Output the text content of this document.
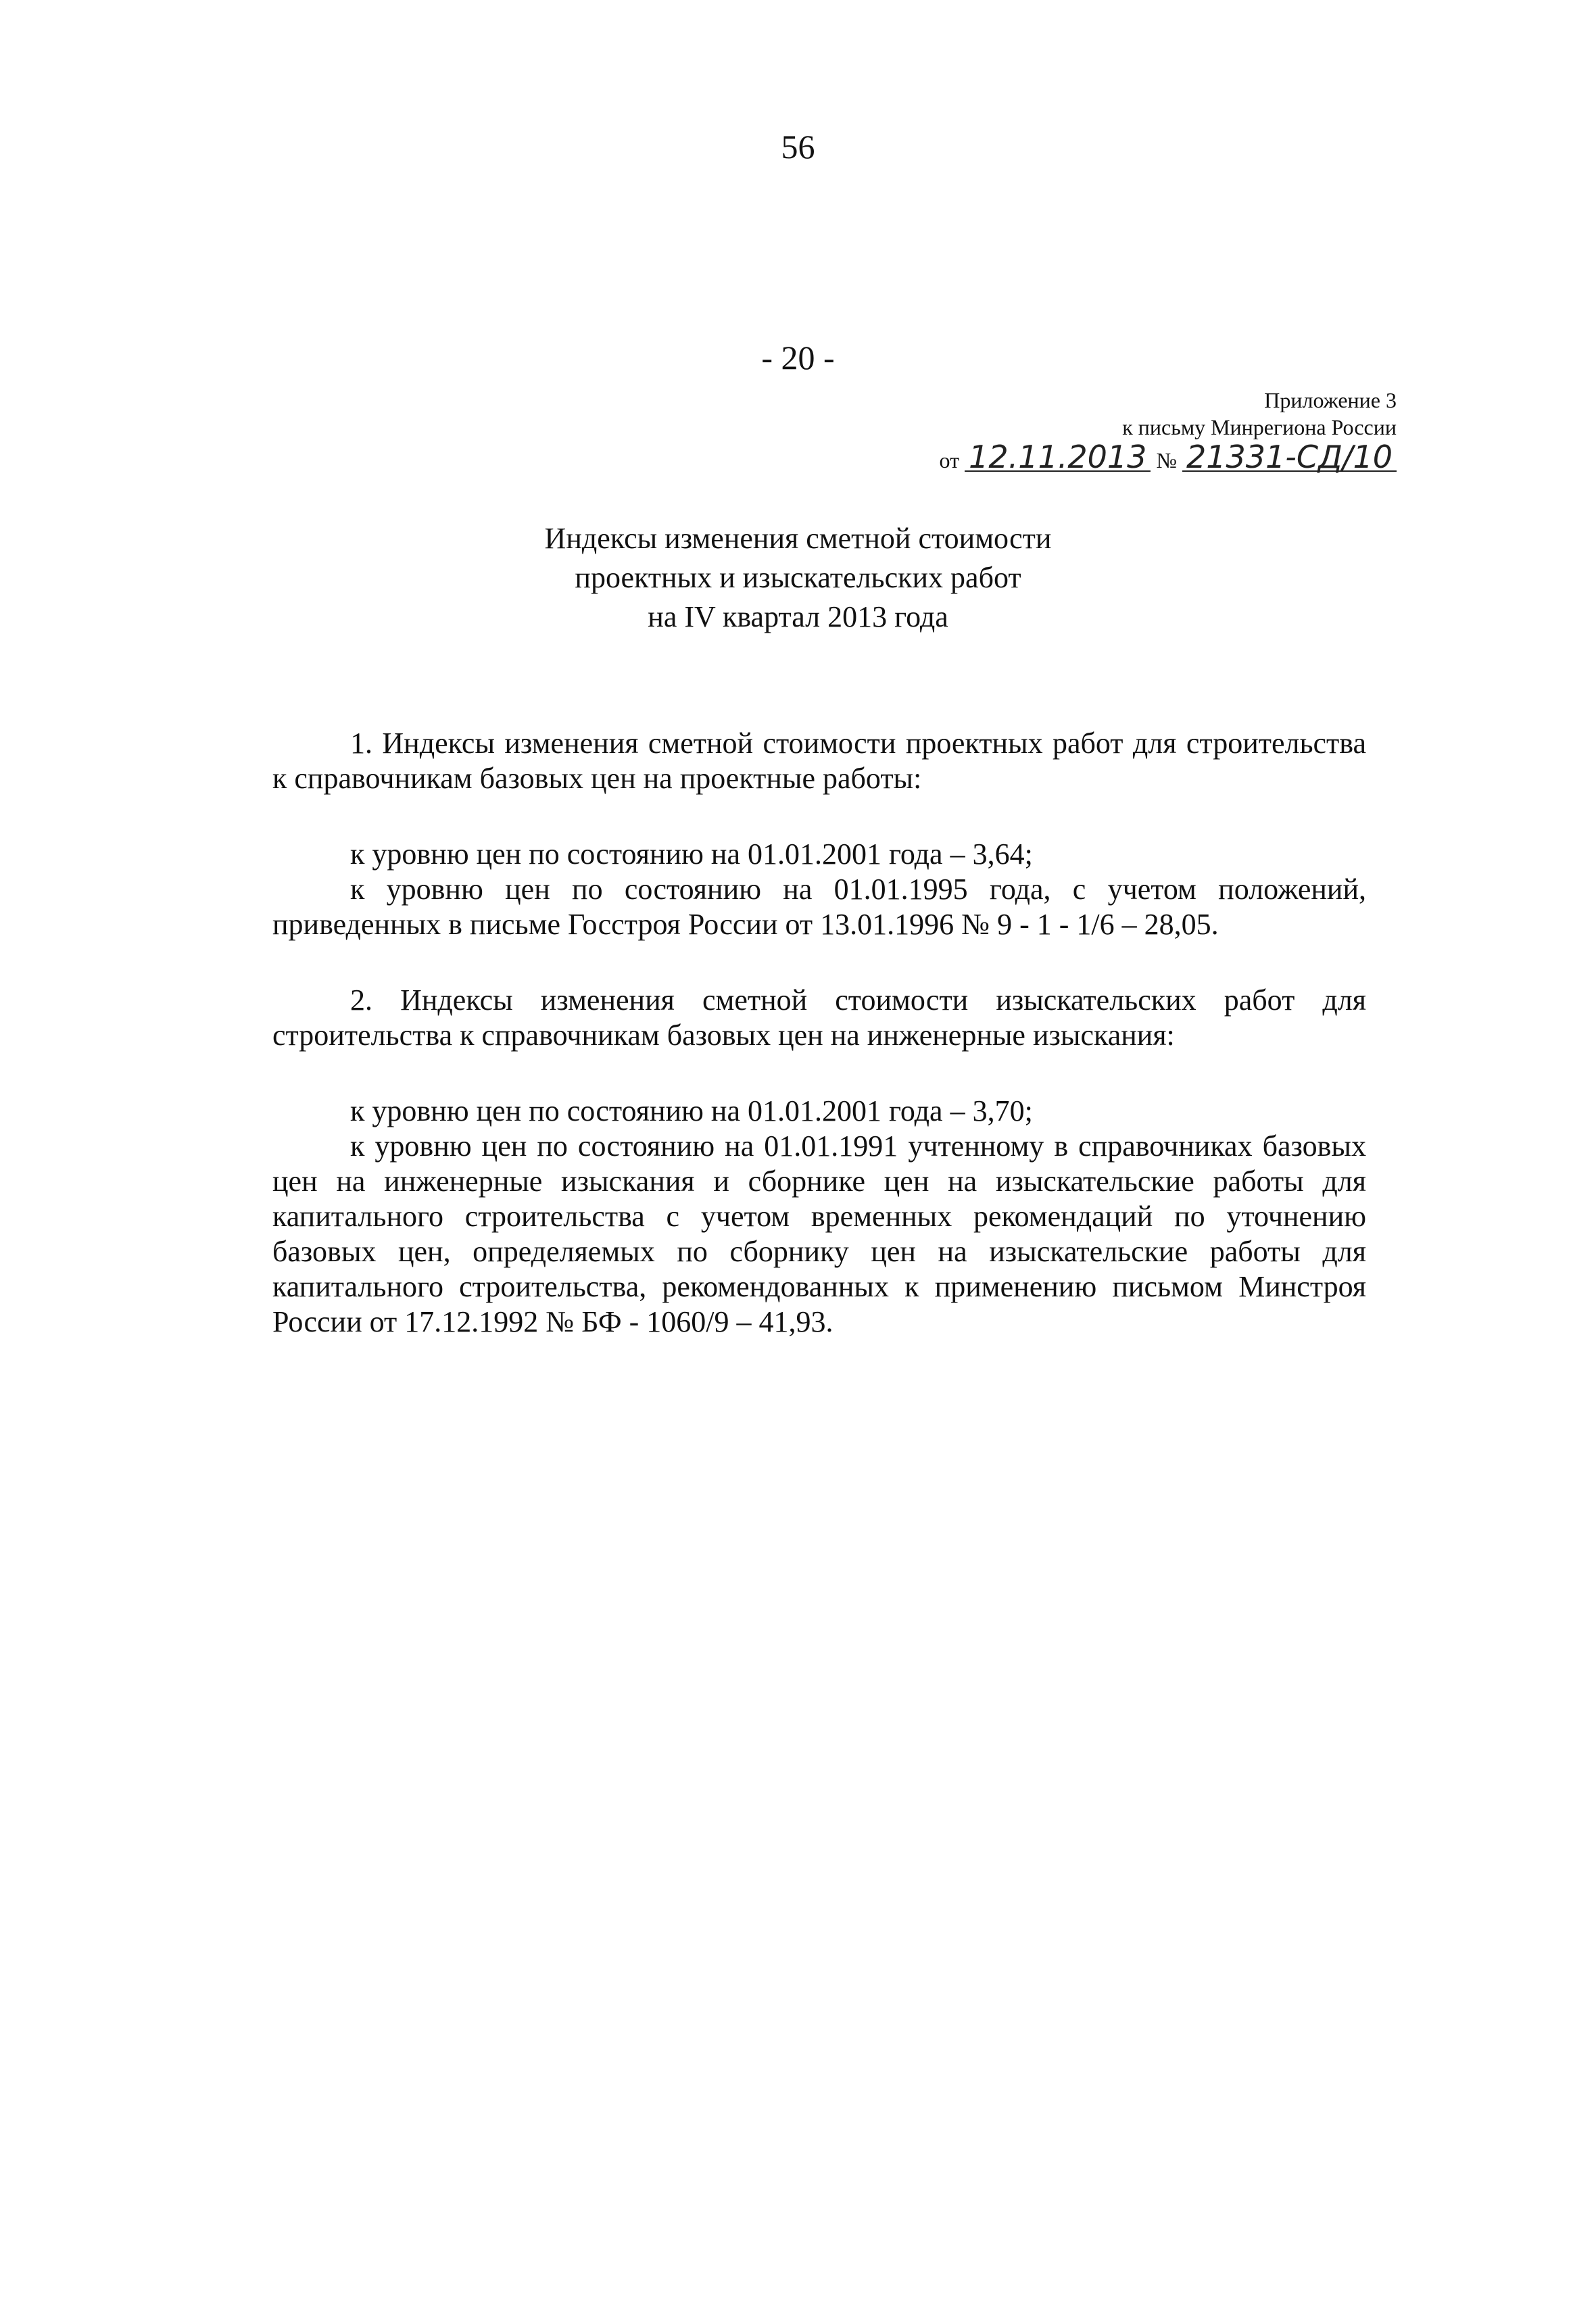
56
- 20 -
Приложение 3
к письму Минрегиона России
от 12.11.2013 № 21331-СД/10
Индексы изменения сметной стоимости
проектных и изыскательских работ
на IV квартал 2013 года

1. Индексы изменения сметной стоимости проектных работ для строительства к справочникам базовых цен на проектные работы:

к уровню цен по состоянию на 01.01.2001 года – 3,64;

к уровню цен по состоянию на 01.01.1995 года, с учетом положений, приведенных в письме Госстроя России от 13.01.1996 № 9 - 1 - 1/6 – 28,05.

2. Индексы изменения сметной стоимости изыскательских работ для строительства к справочникам базовых цен на инженерные изыскания:

к уровню цен по состоянию на 01.01.2001 года – 3,70;

к уровню цен по состоянию на 01.01.1991 учтенному в справочниках базовых цен на инженерные изыскания и сборнике цен на изыскательские работы для капитального строительства с учетом временных рекомендаций по уточнению базовых цен, определяемых по сборнику цен на изыскательские работы для капитального строительства, рекомендованных к применению письмом Минстроя России от 17.12.1992 № БФ - 1060/9 – 41,93.
